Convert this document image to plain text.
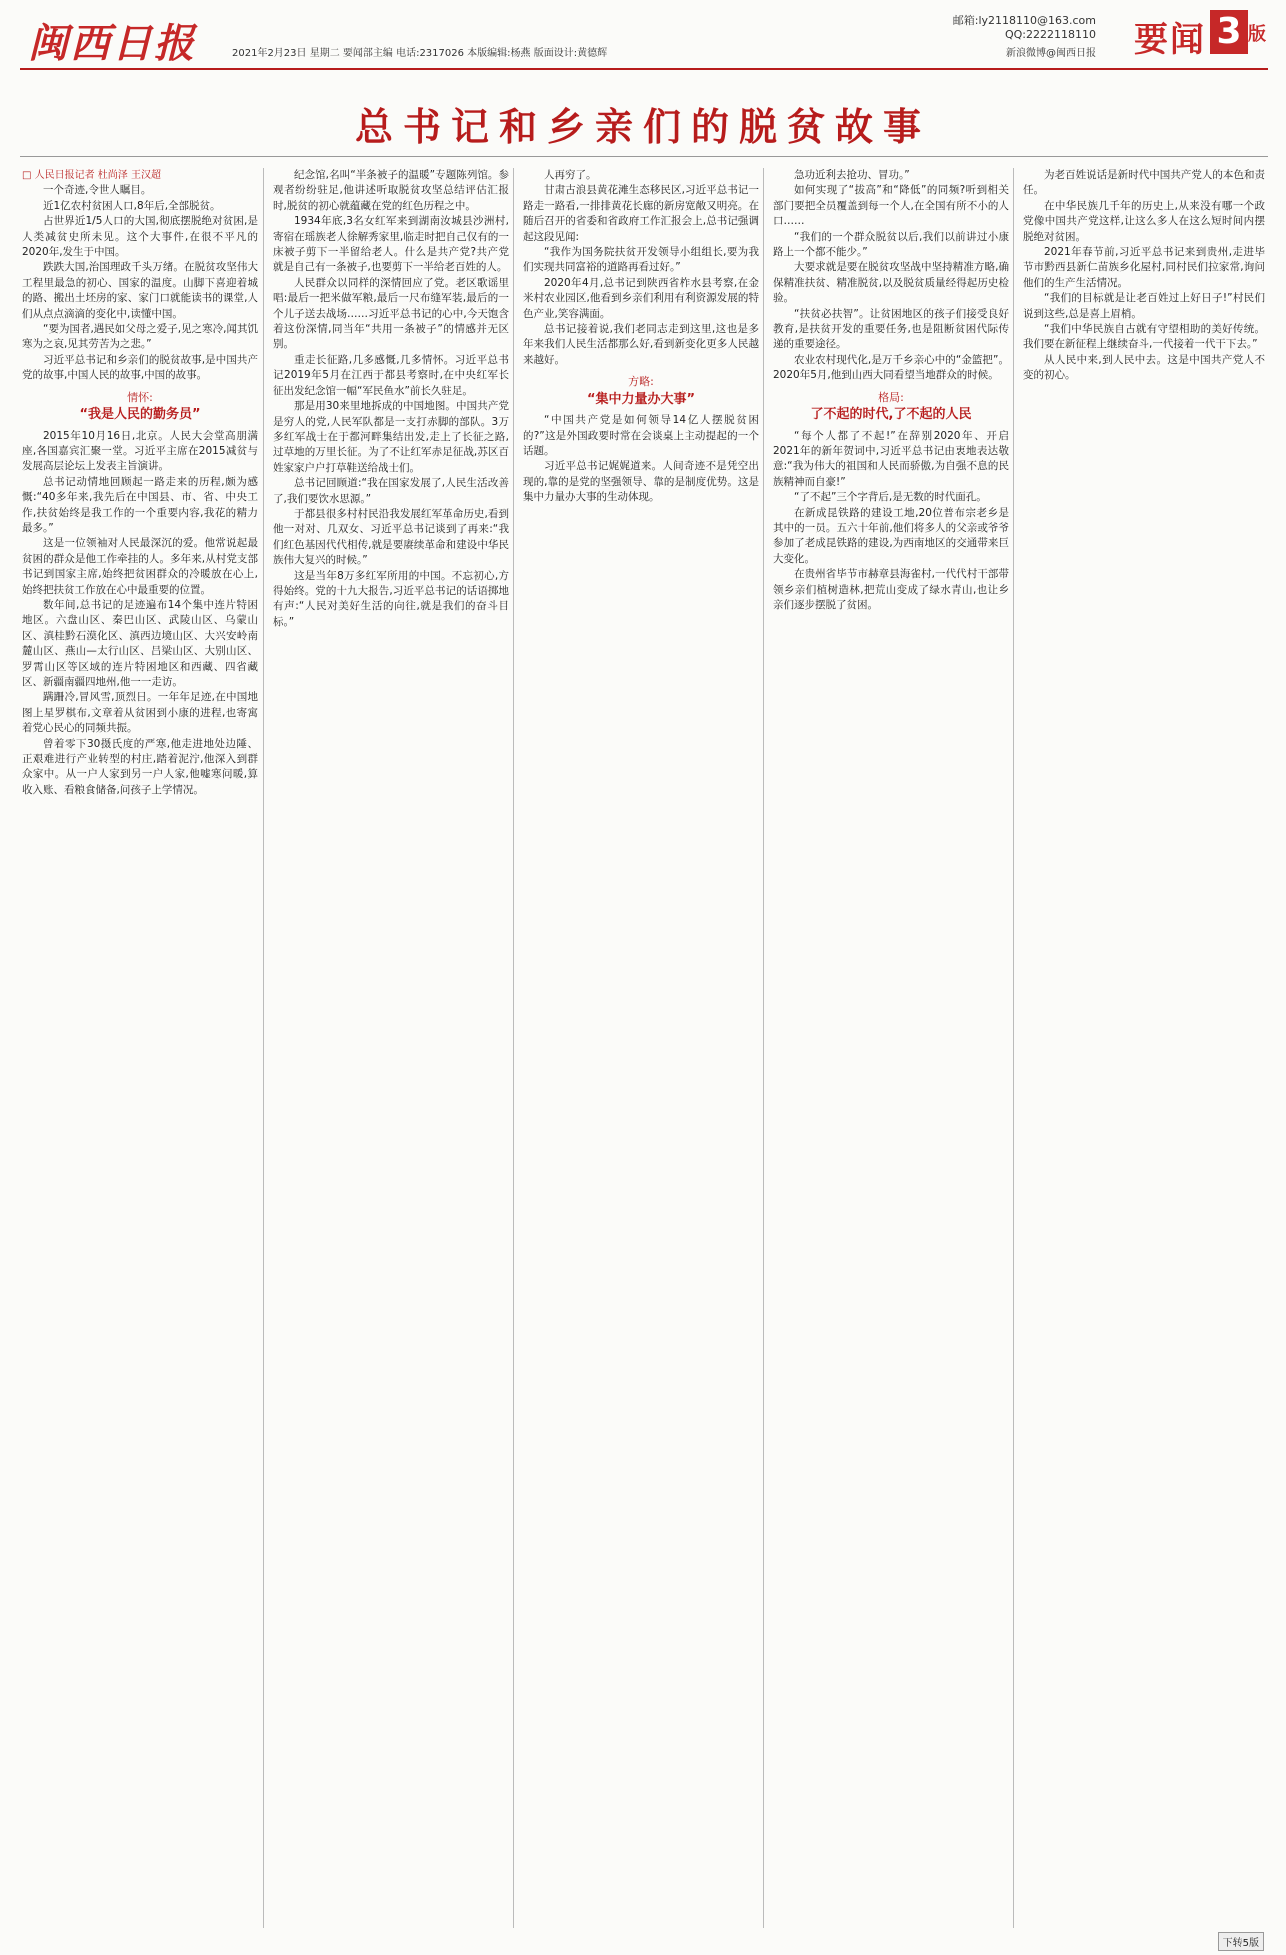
闽西日报	2021年2月23日 星期二 要闻部主编 电话:2317026 本版编辑:杨燕 版面设计:黄德辉
邮箱:ly2118110@163.com
QQ:2222118110
新浪微博@闽西日报 要闻 3 版
总书记和乡亲们的脱贫故事

□ 人民日报记者 杜尚泽 王汉超

一个奇迹,令世人瞩目。

近1亿农村贫困人口,8年后,全部脱贫。

占世界近1/5人口的大国,彻底摆脱绝对贫困,是人类减贫史所未见。这个大事件,在很不平凡的2020年,发生于中国。

跌跌大国,治国理政千头万绪。在脱贫攻坚伟大工程里最急的初心、国家的温度。山脚下喜迎着城的路、搬出土坯房的家、家门口就能读书的课堂,人们从点点滴滴的变化中,读懂中国。

“要为国者,遇民如父母之爱子,见之寒冷,闻其饥寒为之哀,见其劳苦为之悲。”

习近平总书记和乡亲们的脱贫故事,是中国共产党的故事,中国人民的故事,中国的故事。

情怀:
“我是人民的勤务员”

2015年10月16日,北京。人民大会堂高朋满座,各国嘉宾汇聚一堂。习近平主席在2015减贫与发展高层论坛上发表主旨演讲。

总书记动情地回顾起一路走来的历程,颇为感慨:“40多年来,我先后在中国县、市、省、中央工作,扶贫始终是我工作的一个重要内容,我花的精力最多。”

这是一位领袖对人民最深沉的爱。他常说起最贫困的群众是他工作牵挂的人。多年来,从村党支部书记到国家主席,始终把贫困群众的冷暖放在心上,始终把扶贫工作放在心中最重要的位置。

数年间,总书记的足迹遍布14个集中连片特困地区。六盘山区、秦巴山区、武陵山区、乌蒙山区、滇桂黔石漠化区、滇西边境山区、大兴安岭南麓山区、燕山—太行山区、吕梁山区、大别山区、罗霄山区等区域的连片特困地区和西藏、四省藏区、新疆南疆四地州,他一一走访。

蹒跚冷,冒风雪,顶烈日。一年年足迹,在中国地图上星罗棋布,文章着从贫困到小康的进程,也寄寓着党心民心的同频共振。

曾着零下30摄氏度的严寒,他走进地处边陲、正艰难进行产业转型的村庄,踏着泥泞,他深入到群众家中。从一户人家到另一户人家,他嘘寒问暖,算收入账、看粮食储备,问孩子上学情况。

纪念馆,名叫“半条被子的温暖”专题陈列馆。参观者纷纷驻足,他讲述听取脱贫攻坚总结评估汇报时,脱贫的初心就蕴藏在党的红色历程之中。

1934年底,3名女红军来到湖南汝城县沙洲村,寄宿在瑶族老人徐解秀家里,临走时把自己仅有的一床被子剪下一半留给老人。什么是共产党?共产党就是自己有一条被子,也要剪下一半给老百姓的人。

人民群众以同样的深情回应了党。老区歌谣里唱:最后一把米做军粮,最后一尺布缝军装,最后的一个儿子送去战场……习近平总书记的心中,今天饱含着这份深情,同当年“共用一条被子”的情感并无区别。

重走长征路,几多感慨,几多情怀。习近平总书记2019年5月在江西于都县考察时,在中央红军长征出发纪念馆一幅“军民鱼水”前长久驻足。

那是用30来里地拆成的中国地图。中国共产党是穷人的党,人民军队都是一支打赤脚的部队。3万多红军战士在于都河畔集结出发,走上了长征之路,过草地的万里长征。为了不让红军赤足征战,苏区百姓家家户户打草鞋送给战士们。

总书记回顾道:“我在国家发展了,人民生活改善了,我们要饮水思源。”

于都县很多村村民沿我发展红军革命历史,看到他一对对、几双女、习近平总书记谈到了再来:“我们红色基因代代相传,就是要赓续革命和建设中华民族伟大复兴的时候。”

这是当年8万多红军所用的中国。不忘初心,方得始终。党的十九大报告,习近平总书记的话语掷地有声:“人民对美好生活的向往,就是我们的奋斗目标。”

人再穷了。

甘肃古浪县黄花滩生态移民区,习近平总书记一路走一路看,一排排黄花长廊的新房宽敞又明亮。在随后召开的省委和省政府工作汇报会上,总书记强调起这段见闻:

“我作为国务院扶贫开发领导小组组长,要为我们实现共同富裕的道路再看过好。”

2020年4月,总书记到陕西省柞水县考察,在金米村农业园区,他看到乡亲们利用有利资源发展的特色产业,笑容满面。

总书记接着说,我们老同志走到这里,这也是多年来我们人民生活都那么好,看到新变化更多人民越来越好。

方略:
“集中力量办大事”

“中国共产党是如何领导14亿人摆脱贫困的?”这是外国政要时常在会谈桌上主动提起的一个话题。

习近平总书记娓娓道来。人间奇迹不是凭空出现的,靠的是党的坚强领导、靠的是制度优势。这是集中力量办大事的生动体现。

急功近利去抢功、冒功。”

如何实现了“拔高”和“降低”的同频?听到相关部门要把全员覆盖到每一个人,在全国有所不小的人口……

“我们的一个群众脱贫以后,我们以前讲过小康路上一个都不能少。”

大要求就是要在脱贫攻坚战中坚持精准方略,确保精准扶贫、精准脱贫,以及脱贫质量经得起历史检验。

“扶贫必扶智”。让贫困地区的孩子们接受良好教育,是扶贫开发的重要任务,也是阻断贫困代际传递的重要途径。

农业农村现代化,是万千乡亲心中的“金篮把”。2020年5月,他到山西大同看望当地群众的时候。

格局:
了不起的时代,了不起的人民

“每个人都了不起!”在辞别2020年、开启2021年的新年贺词中,习近平总书记由衷地表达敬意:“我为伟大的祖国和人民而骄傲,为自强不息的民族精神而自豪!”

“了不起”三个字背后,是无数的时代面孔。

在新成昆铁路的建设工地,20位普布宗老乡是其中的一员。五六十年前,他们将多人的父亲或爷爷参加了老成昆铁路的建设,为西南地区的交通带来巨大变化。

在贵州省毕节市赫章县海雀村,一代代村干部带领乡亲们植树造林,把荒山变成了绿水青山,也让乡亲们逐步摆脱了贫困。

为老百姓说话是新时代中国共产党人的本色和责任。

在中华民族几千年的历史上,从来没有哪一个政党像中国共产党这样,让这么多人在这么短时间内摆脱绝对贫困。

2021年春节前,习近平总书记来到贵州,走进毕节市黔西县新仁苗族乡化屋村,同村民们拉家常,询问他们的生产生活情况。

“我们的目标就是让老百姓过上好日子!”村民们说到这些,总是喜上眉梢。

“我们中华民族自古就有守望相助的美好传统。我们要在新征程上继续奋斗,一代接着一代干下去。”

从人民中来,到人民中去。这是中国共产党人不变的初心。

下转5版
